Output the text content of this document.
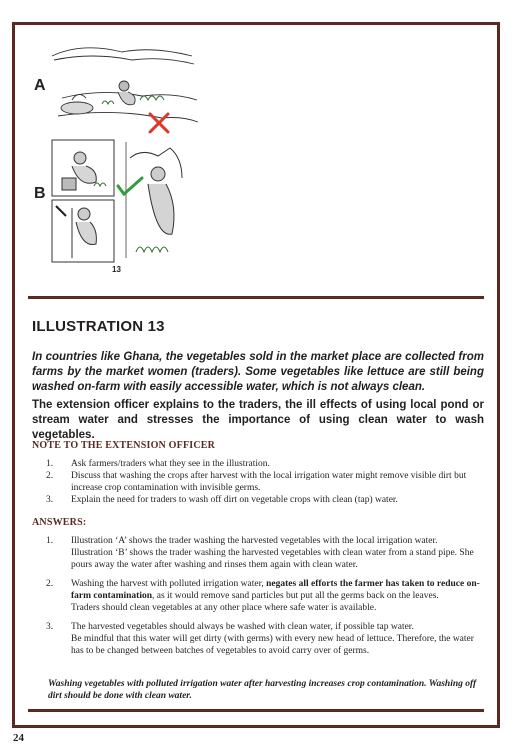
A
B
13
ILLUSTRATION 13
In countries like Ghana, the vegetables sold in the market place are collected from farms by the market women (traders). Some vegetables like lettuce are still being washed on-farm with easily accessible water, which is not always clean.
The extension officer explains to the traders, the ill effects of using local pond or stream water and stresses the importance of using clean water to wash vegetables.
NOTE TO THE EXTENSION OFFICER
1.	Ask farmers/traders what they see in the illustration.
2.	Discuss that washing the crops after harvest with the local irrigation water might remove visible dirt but increase crop contamination with invisible germs.
3.	Explain the need for traders to wash off dirt on vegetable crops with clean (tap) water.
ANSWERS:
1.	Illustration ‘A’ shows the trader washing the harvested vegetables with the local irrigation water.

Illustration ‘B’ shows the trader washing the harvested vegetables with clean water from a stand pipe. She pours away the water after washing and rinses them again with clean water.

2.	Washing the harvest with polluted irrigation water, negates all efforts the farmer has taken to reduce on-farm contamination, as it would remove sand particles but put all the germs back on the leaves.

Traders should clean vegetables at any other place where safe water is available.

3.	The harvested vegetables should always be washed with clean water, if possible tap water.

Be mindful that this water will get dirty (with germs) with every new head of lettuce. Therefore, the water has to be changed between batches of vegetables to avoid carry over of germs.

Washing vegetables with polluted irrigation water after harvesting increases crop contamination. Washing off dirt should be done with clean water.
24
